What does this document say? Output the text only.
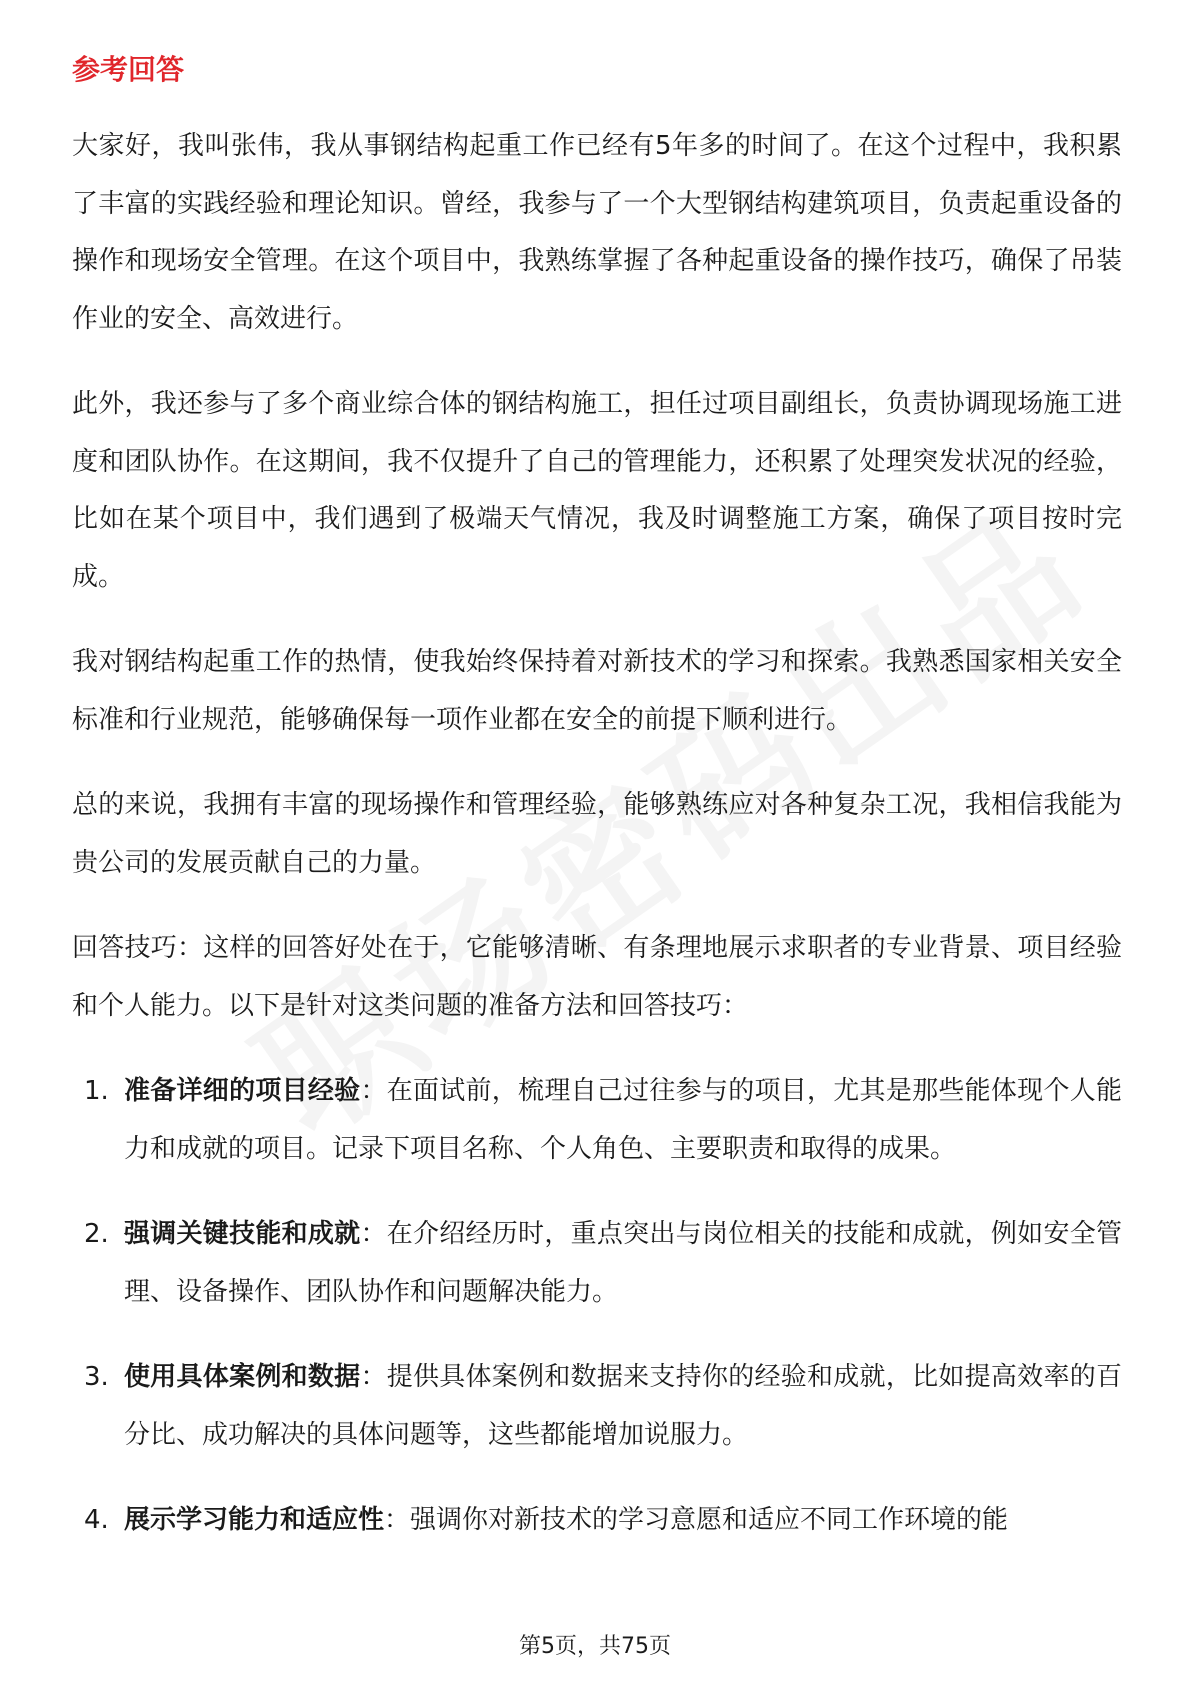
参考回答

大家好，我叫张伟，我从事钢结构起重工作已经有5年多的时间了。在这个过程中，我积累了丰富的实践经验和理论知识。曾经，我参与了一个大型钢结构建筑项目，负责起重设备的操作和现场安全管理。在这个项目中，我熟练掌握了各种起重设备的操作技巧，确保了吊装作业的安全、高效进行。

此外，我还参与了多个商业综合体的钢结构施工，担任过项目副组长，负责协调现场施工进度和团队协作。在这期间，我不仅提升了自己的管理能力，还积累了处理突发状况的经验，比如在某个项目中，我们遇到了极端天气情况，我及时调整施工方案，确保了项目按时完成。

我对钢结构起重工作的热情，使我始终保持着对新技术的学习和探索。我熟悉国家相关安全标准和行业规范，能够确保每一项作业都在安全的前提下顺利进行。

总的来说，我拥有丰富的现场操作和管理经验，能够熟练应对各种复杂工况，我相信我能为贵公司的发展贡献自己的力量。

回答技巧：这样的回答好处在于，它能够清晰、有条理地展示求职者的专业背景、项目经验和个人能力。以下是针对这类问题的准备方法和回答技巧：

1. 准备详细的项目经验：在面试前，梳理自己过往参与的项目，尤其是那些能体现个人能力和成就的项目。记录下项目名称、个人角色、主要职责和取得的成果。
2. 强调关键技能和成就：在介绍经历时，重点突出与岗位相关的技能和成就，例如安全管理、设备操作、团队协作和问题解决能力。
3. 使用具体案例和数据：提供具体案例和数据来支持你的经验和成就，比如提高效率的百分比、成功解决的具体问题等，这些都能增加说服力。
4. 展示学习能力和适应性：强调你对新技术的学习意愿和适应不同工作环境的能
第5页，共75页
